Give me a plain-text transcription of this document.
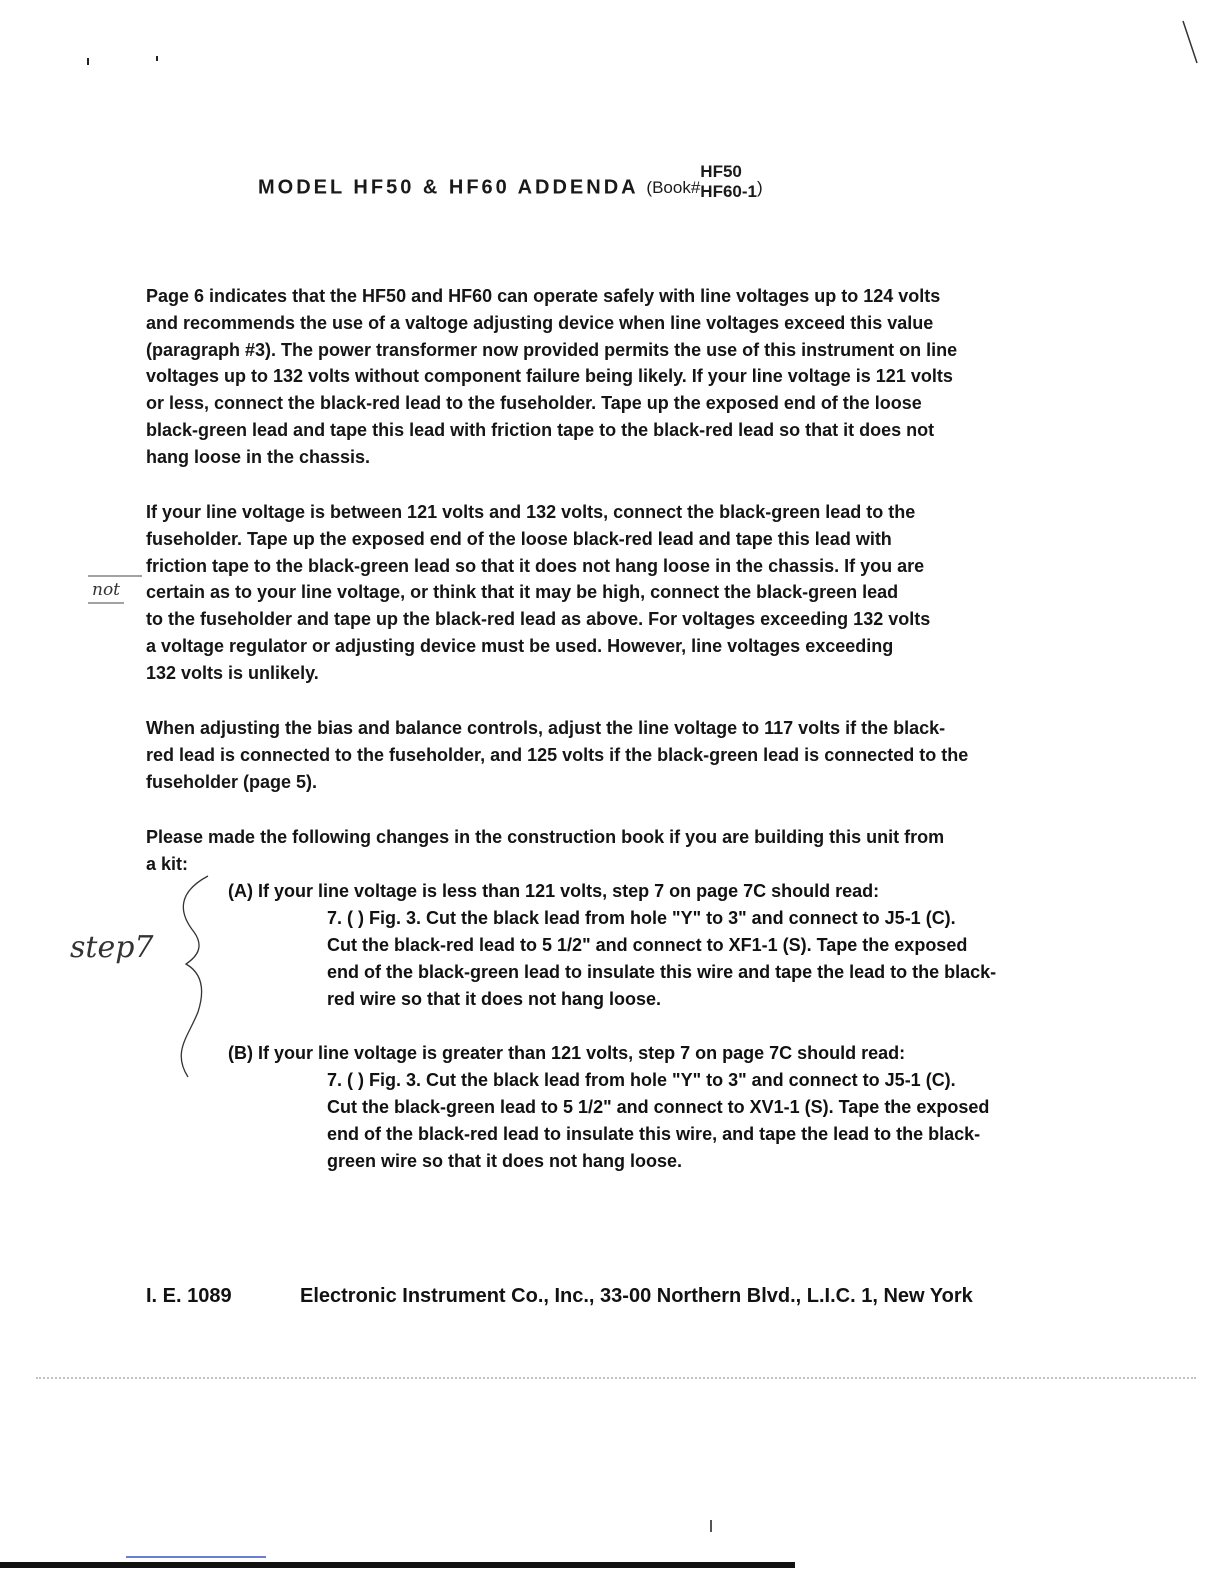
MODEL HF50 & HF60 ADDENDA (Book#
HF50
HF60-1 )
Page 6 indicates that the HF50 and HF60 can operate safely with line voltages up to 124 volts
and recommends the use of a valtoge adjusting device when line voltages exceed this value
(paragraph #3). The power transformer now provided permits the use of this instrument on line
voltages up to 132 volts without component failure being likely. If your line voltage is 121 volts
or less, connect the black-red lead to the fuseholder. Tape up the exposed end of the loose
black-green lead and tape this lead with friction tape to the black-red lead so that it does not
hang loose in the chassis.
If your line voltage is between 121 volts and 132 volts, connect the black-green lead to the
fuseholder. Tape up the exposed end of the loose black-red lead and tape this lead with
friction tape to the black-green lead so that it does not hang loose in the chassis. If you are
certain as to your line voltage, or think that it may be high, connect the black-green lead
to the fuseholder and tape up the black-red lead as above. For voltages exceeding 132 volts
a voltage regulator or adjusting device must be used. However, line voltages exceeding
132 volts is unlikely.
When adjusting the bias and balance controls, adjust the line voltage to 117 volts if the black-
red lead is connected to the fuseholder, and 125 volts if the black-green lead is connected to the
fuseholder (page 5).
Please made the following changes in the construction book if you are building this unit from
a kit:
(A) If your line voltage is less than 121 volts, step 7 on page 7C should read:
7. ( ) Fig. 3. Cut the black lead from hole "Y" to 3" and connect to J5-1 (C).
Cut the black-red lead to 5 1/2" and connect to XF1-1 (S). Tape the exposed
end of the black-green lead to insulate this wire and tape the lead to the black-
red wire so that it does not hang loose.
(B) If your line voltage is greater than 121 volts, step 7 on page 7C should read:
7. ( ) Fig. 3. Cut the black lead from hole "Y" to 3" and connect to J5-1 (C).
Cut the black-green lead to 5 1/2" and connect to XV1-1 (S). Tape the exposed
end of the black-red lead to insulate this wire, and tape the lead to the black-
green wire so that it does not hang loose.
not
step7
I. E. 1089	Electronic Instrument Co., Inc., 33-00 Northern Blvd., L.I.C. 1, New York
